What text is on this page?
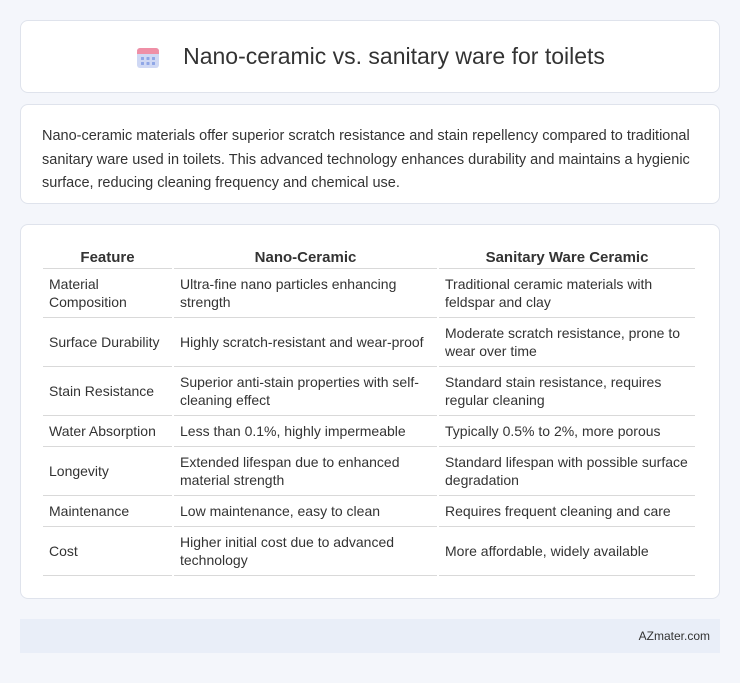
Nano-ceramic vs. sanitary ware for toilets

Nano-ceramic materials offer superior scratch resistance and stain repellency compared to traditional sanitary ware used in toilets. This advanced technology enhances durability and maintains a hygienic surface, reducing cleaning frequency and chemical use.

Feature	Nano-Ceramic	Sanitary Ware Ceramic
Material Composition	Ultra-fine nano particles enhancing strength	Traditional ceramic materials with feldspar and clay
Surface Durability	Highly scratch-resistant and wear-proof	Moderate scratch resistance, prone to wear over time
Stain Resistance	Superior anti-stain properties with self-cleaning effect	Standard stain resistance, requires regular cleaning
Water Absorption	Less than 0.1%, highly impermeable	Typically 0.5% to 2%, more porous
Longevity	Extended lifespan due to enhanced material strength	Standard lifespan with possible surface degradation
Maintenance	Low maintenance, easy to clean	Requires frequent cleaning and care
Cost	Higher initial cost due to advanced technology	More affordable, widely available
AZmater.com
